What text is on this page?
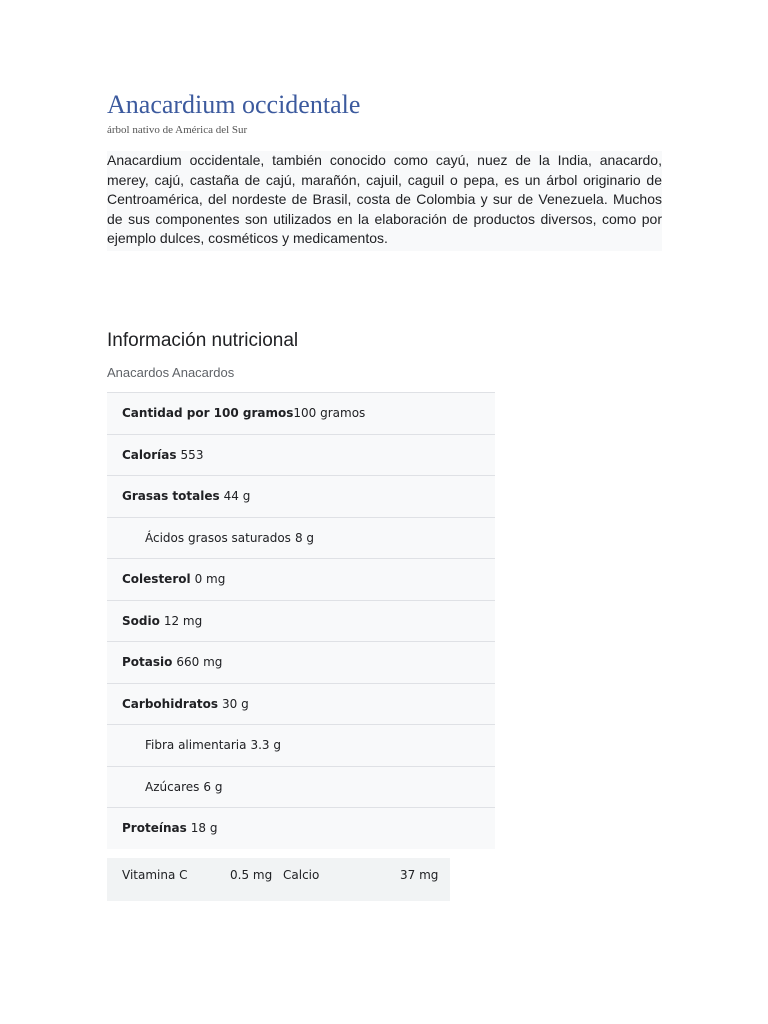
Anacardium occidentale
árbol nativo de América del Sur
Anacardium occidentale, también conocido como cayú, nuez de la India, anacardo, merey, cajú, castaña de cajú, marañón, cajuil, caguil o pepa, es un árbol originario de Centroamérica, del nordeste de Brasil, costa de Colombia y sur de Venezuela. Muchos de sus componentes son utilizados en la elaboración de productos diversos, como por ejemplo dulces, cosméticos y medicamentos.
Información nutricional
Anacardos Anacardos
Cantidad por 100 gramos 100 gramos
Calorías 553
Grasas totales 44 g
Ácidos grasos saturados 8 g
Colesterol 0 mg
Sodio 12 mg
Potasio 660 mg
Carbohidratos 30 g
Fibra alimentaria 3.3 g
Azúcares 6 g
Proteínas 18 g
Vitamina C	0.5 mg Calcio	37 mg
